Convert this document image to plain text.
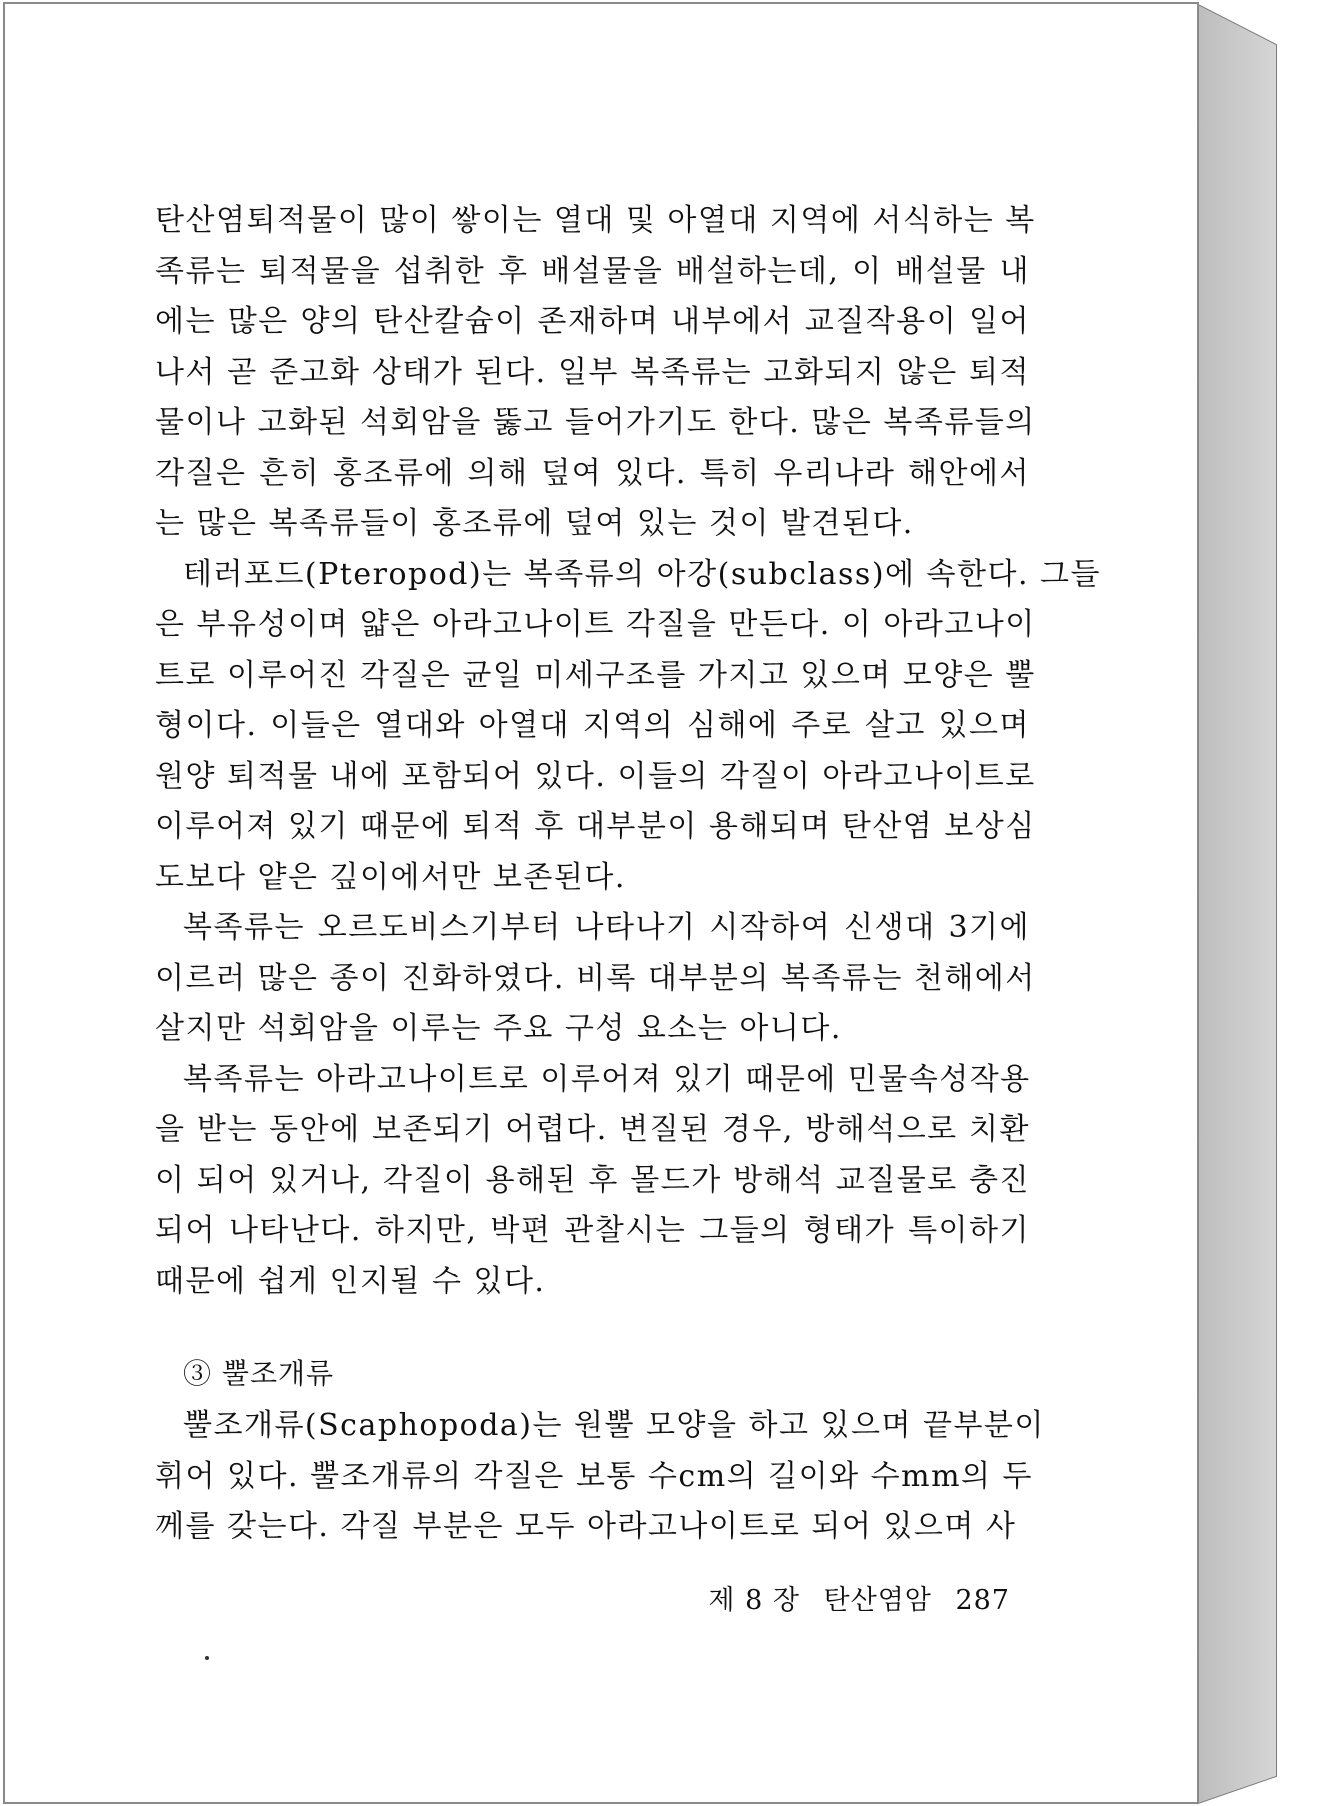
탄산염퇴적물이 많이 쌓이는 열대 및 아열대 지역에 서식하는 복
족류는 퇴적물을 섭취한 후 배설물을 배설하는데, 이 배설물 내
에는 많은 양의 탄산칼슘이 존재하며 내부에서 교질작용이 일어
나서 곧 준고화 상태가 된다. 일부 복족류는 고화되지 않은 퇴적
물이나 고화된 석회암을 뚫고 들어가기도 한다. 많은 복족류들의
각질은 흔히 홍조류에 의해 덮여 있다. 특히 우리나라 해안에서
는 많은 복족류들이 홍조류에 덮여 있는 것이 발견된다.
테러포드(Pteropod)는 복족류의 아강(subclass)에 속한다. 그들
은 부유성이며 얇은 아라고나이트 각질을 만든다. 이 아라고나이
트로 이루어진 각질은 균일 미세구조를 가지고 있으며 모양은 뿔
형이다. 이들은 열대와 아열대 지역의 심해에 주로 살고 있으며
원양 퇴적물 내에 포함되어 있다. 이들의 각질이 아라고나이트로
이루어져 있기 때문에 퇴적 후 대부분이 용해되며 탄산염 보상심
도보다 얕은 깊이에서만 보존된다.
복족류는 오르도비스기부터 나타나기 시작하여 신생대 3기에
이르러 많은 종이 진화하였다. 비록 대부분의 복족류는 천해에서
살지만 석회암을 이루는 주요 구성 요소는 아니다.
복족류는 아라고나이트로 이루어져 있기 때문에 민물속성작용
을 받는 동안에 보존되기 어렵다. 변질된 경우, 방해석으로 치환
이 되어 있거나, 각질이 용해된 후 몰드가 방해석 교질물로 충진
되어 나타난다. 하지만, 박편 관찰시는 그들의 형태가 특이하기
때문에 쉽게 인지될 수 있다.
③ 뿔조개류
뿔조개류(Scaphopoda)는 원뿔 모양을 하고 있으며 끝부분이
휘어 있다. 뿔조개류의 각질은 보통 수cm의 길이와 수mm의 두
께를 갖는다. 각질 부분은 모두 아라고나이트로 되어 있으며 사
제 8 장 탄산염암 287
